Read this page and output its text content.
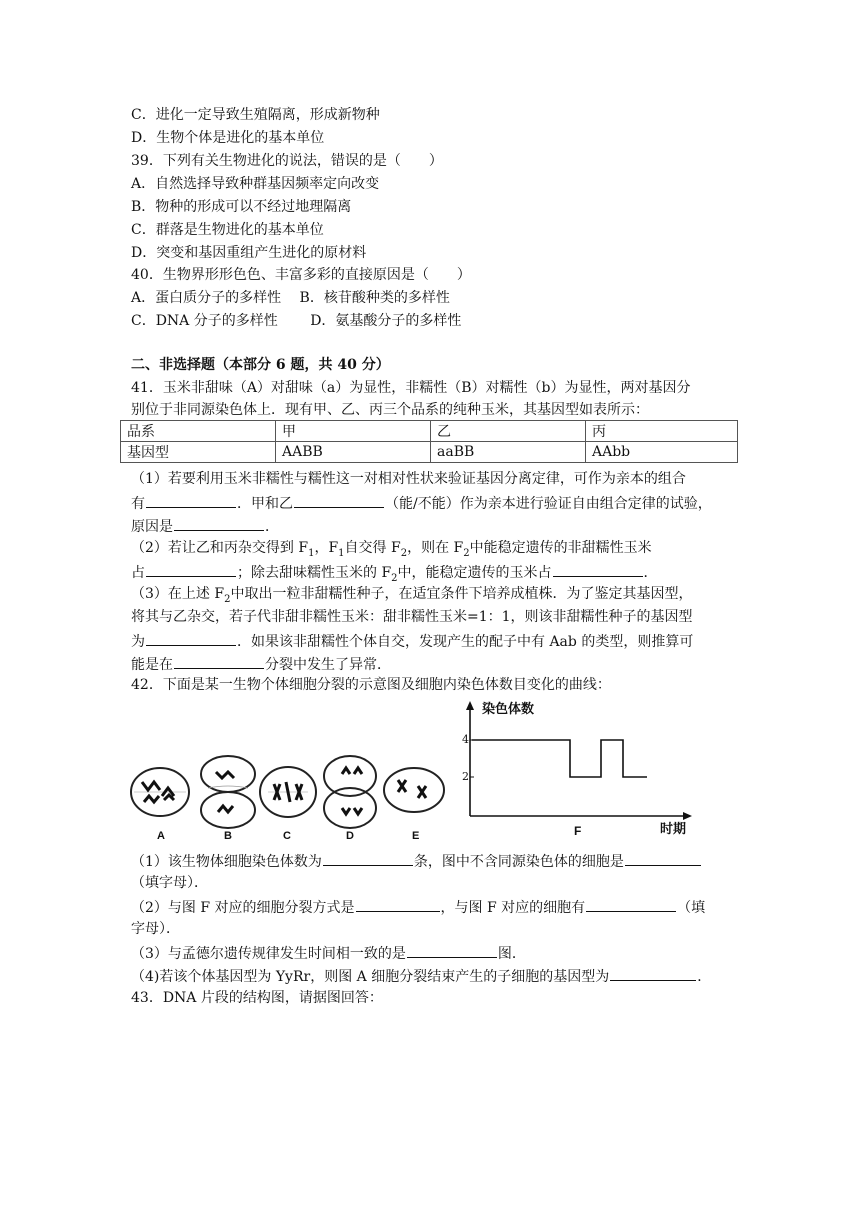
C．进化一定导致生殖隔离，形成新物种
D．生物个体是进化的基本单位
39．下列有关生物进化的说法，错误的是（　　）
A．自然选择导致种群基因频率定向改变
B．物种的形成可以不经过地理隔离
C．群落是生物进化的基本单位
D．突变和基因重组产生进化的原材料
40．生物界形形色色、丰富多彩的直接原因是（　　）
A．蛋白质分子的多样性　 B．核苷酸种类的多样性
C．DNA 分子的多样性　　 D．氨基酸分子的多样性
二、非选择题（本部分 6 题，共 40 分）
41．玉米非甜味（A）对甜味（a）为显性，非糯性（B）对糯性（b）为显性，两对基因分
别位于非同源染色体上．现有甲、乙、丙三个品系的纯种玉米，其基因型如表所示：
品系	甲	乙	丙
基因型	AABB	aaBB	AAbb
（1）若要利用玉米非糯性与糯性这一对相对性状来验证基因分离定律，可作为亲本的组合
有	．甲和乙	（能/不能）作为亲本进行验证自由组合定律的试验，
原因是	．
（2）若让乙和丙杂交得到 $F_1$，$F_1$自交得 $F_2$，则在 $F_2$中能稳定遗传的非甜糯性玉米
占	；除去甜味糯性玉米的 $F_2$中，能稳定遗传的玉米占	．
（3）在上述 $F_2$中取出一粒非甜糯性种子，在适宜条件下培养成植株．为了鉴定其基因型，
将其与乙杂交，若子代非甜非糯性玉米：甜非糯性玉米=1：1，则该非甜糯性种子的基因型
为	．如果该非甜糯性个体自交，发现产生的配子中有 Aab 的类型，则推算可
能是在	分裂中发生了异常．
42．下面是某一生物个体细胞分裂的示意图及细胞内染色体数目变化的曲线：
A	B	C	D	E
染色体数
时期
F
4
2
（1）该生物体细胞染色体数为	条，图中不含同源染色体的细胞是
（填字母）．
（2）与图 F 对应的细胞分裂方式是	，与图 F 对应的细胞有	（填
字母）．
（3）与孟德尔遗传规律发生时间相一致的是	图．
（4)若该个体基因型为 YyRr，则图 A 细胞分裂结束产生的子细胞的基因型为	．
43．DNA 片段的结构图，请据图回答：
